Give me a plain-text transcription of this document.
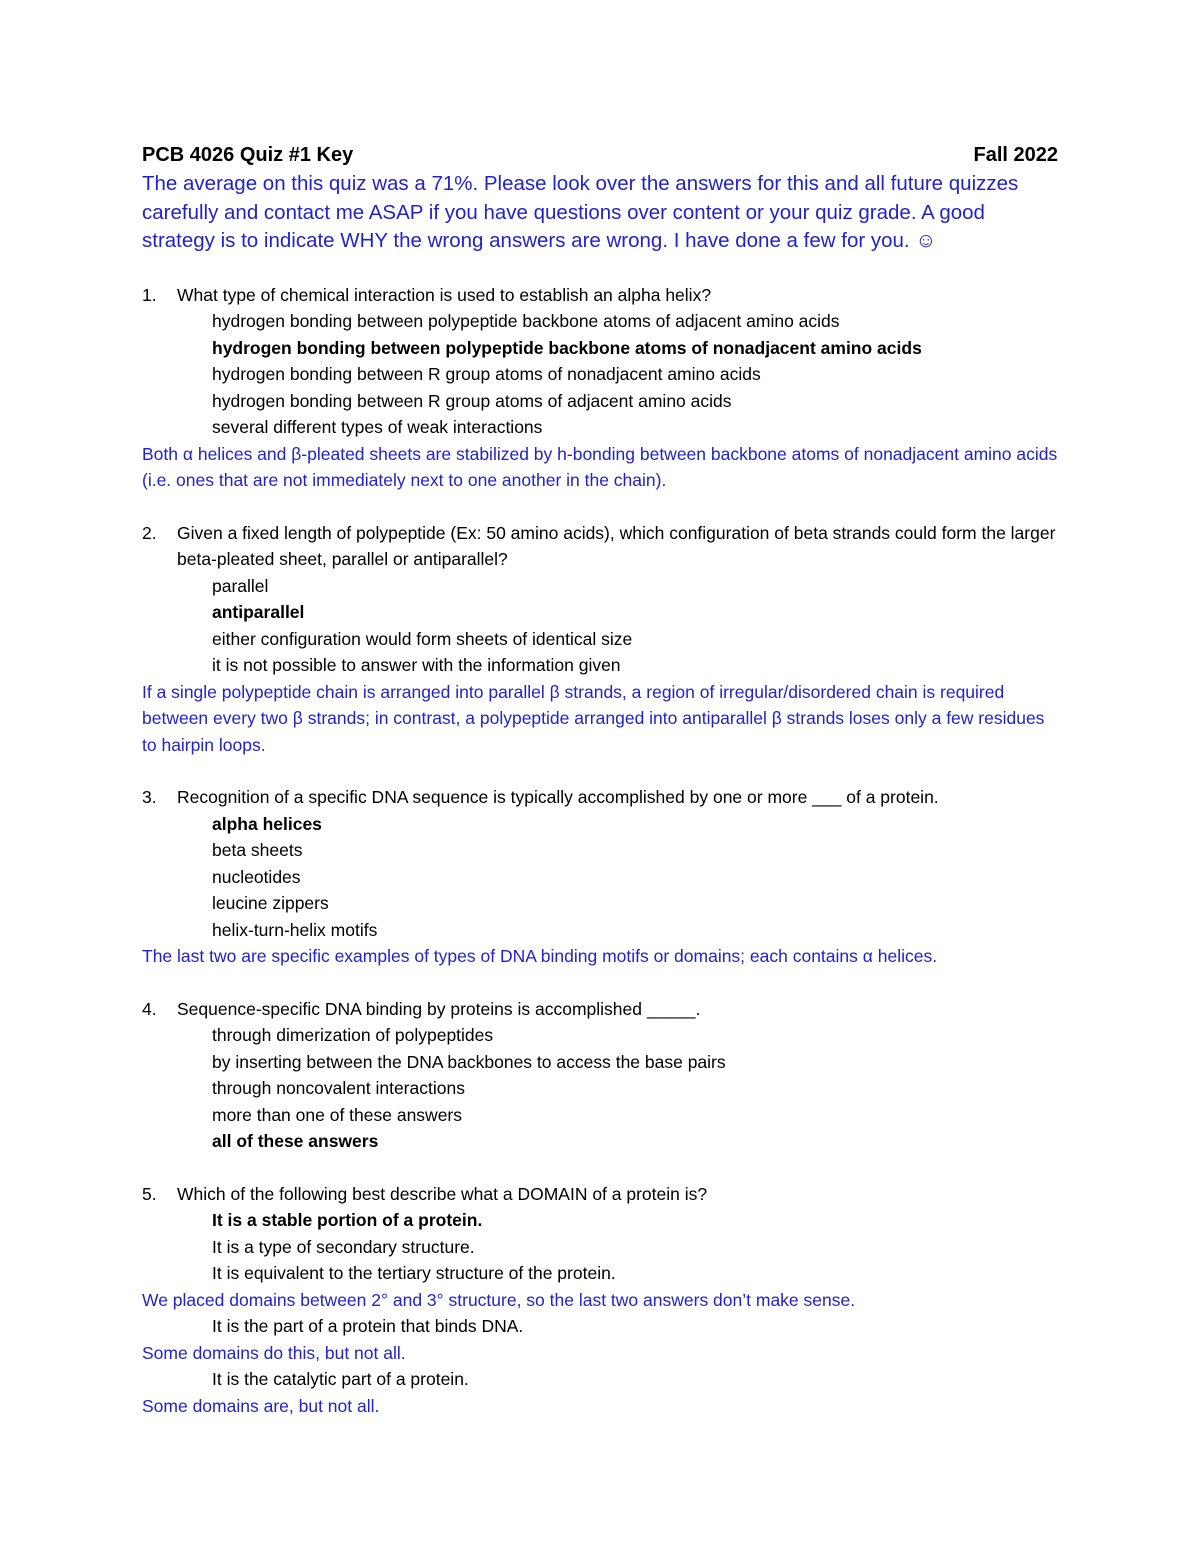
PCB 4026 Quiz #1 Key	Fall 2022
The average on this quiz was a 71%. Please look over the answers for this and all future quizzes carefully and contact me ASAP if you have questions over content or your quiz grade. A good strategy is to indicate WHY the wrong answers are wrong. I have done a few for you. ☺
1.	What type of chemical interaction is used to establish an alpha helix?
hydrogen bonding between polypeptide backbone atoms of adjacent amino acids
hydrogen bonding between polypeptide backbone atoms of nonadjacent amino acids
hydrogen bonding between R group atoms of nonadjacent amino acids
hydrogen bonding between R group atoms of adjacent amino acids
several different types of weak interactions
Both α helices and β-pleated sheets are stabilized by h-bonding between backbone atoms of nonadjacent amino acids (i.e. ones that are not immediately next to one another in the chain).
2.	Given a fixed length of polypeptide (Ex: 50 amino acids), which configuration of beta strands could form the larger beta-pleated sheet, parallel or antiparallel?
parallel
antiparallel
either configuration would form sheets of identical size
it is not possible to answer with the information given
If a single polypeptide chain is arranged into parallel β strands, a region of irregular/disordered chain is required between every two β strands; in contrast, a polypeptide arranged into antiparallel β strands loses only a few residues to hairpin loops.
3.	Recognition of a specific DNA sequence is typically accomplished by one or more ___ of a protein.
alpha helices
beta sheets
nucleotides
leucine zippers
helix-turn-helix motifs
The last two are specific examples of types of DNA binding motifs or domains; each contains α helices.
4.	Sequence-specific DNA binding by proteins is accomplished _____.
through dimerization of polypeptides
by inserting between the DNA backbones to access the base pairs
through noncovalent interactions
more than one of these answers
all of these answers
5.	Which of the following best describe what a DOMAIN of a protein is?
It is a stable portion of a protein.
It is a type of secondary structure.
It is equivalent to the tertiary structure of the protein.
We placed domains between 2° and 3° structure, so the last two answers don’t make sense.
It is the part of a protein that binds DNA.
Some domains do this, but not all.
It is the catalytic part of a protein.
Some domains are, but not all.
